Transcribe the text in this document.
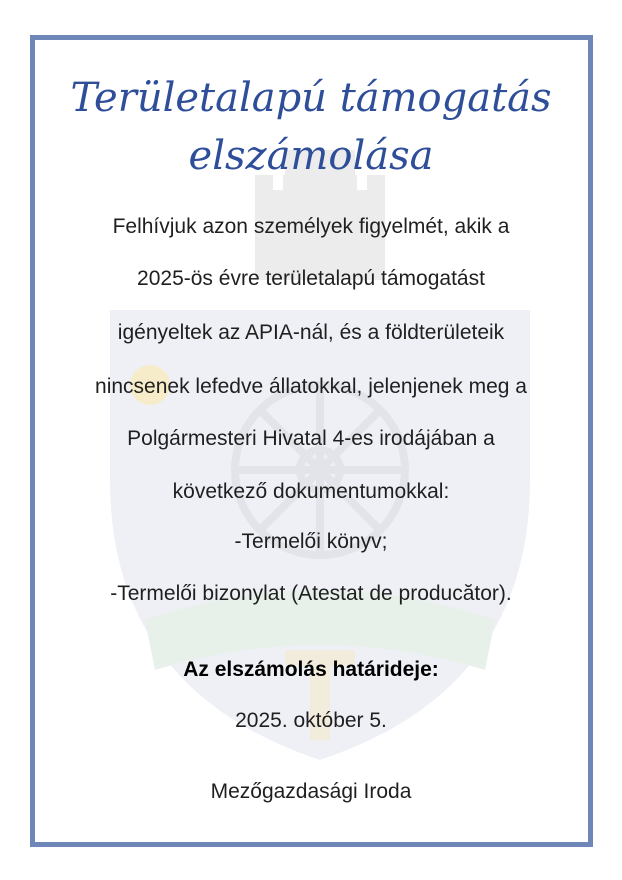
Területalapú támogatás
elszámolása

Felhívjuk azon személyek figyelmét, akik a

2025-ös évre területalapú támogatást

igényeltek az APIA-nál, és a földterületeik

nincsenek lefedve állatokkal, jelenjenek meg a

Polgármesteri Hivatal 4-es irodájában a

következő dokumentumokkal:

-Termelői könyv;

-Termelői bizonylat (Atestat de producător).

Az elszámolás határideje:

2025. október 5.

Mezőgazdasági Iroda
